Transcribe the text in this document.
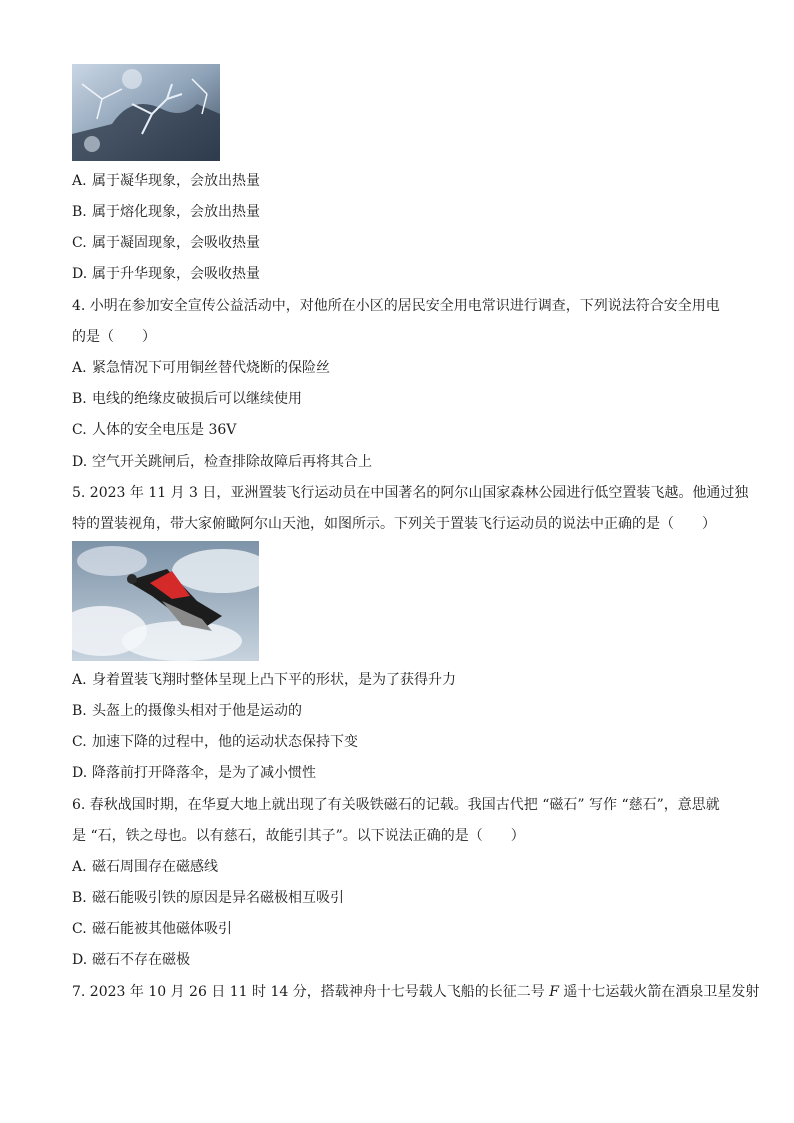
A. 属于凝华现象，会放出热量
B. 属于熔化现象，会放出热量
C. 属于凝固现象，会吸收热量
D. 属于升华现象，会吸收热量
4. 小明在参加安全宣传公益活动中，对他所在小区的居民安全用电常识进行调查，下列说法符合安全用电
的是（　　）
A. 紧急情况下可用铜丝替代烧断的保险丝
B. 电线的绝缘皮破损后可以继续使用
C. 人体的安全电压是 36V
D. 空气开关跳闸后，检查排除故障后再将其合上
5. 2023 年 11 月 3 日，亚洲置装飞行运动员在中国著名的阿尔山国家森林公园进行低空置装飞越。他通过独
特的置装视角，带大家俯瞰阿尔山天池，如图所示。下列关于置装飞行运动员的说法中正确的是（　　）
A. 身着置装飞翔时整体呈现上凸下平的形状，是为了获得升力
B. 头盔上的摄像头相对于他是运动的
C. 加速下降的过程中，他的运动状态保持下变
D. 降落前打开降落伞，是为了减小惯性
6. 春秋战国时期，在华夏大地上就出现了有关吸铁磁石的记载。我国古代把 “磁石” 写作 “慈石”，意思就
是 “石，铁之母也。以有慈石，故能引其子”。以下说法正确的是（　　）
A. 磁石周围存在磁感线
B. 磁石能吸引铁的原因是异名磁极相互吸引
C. 磁石能被其他磁体吸引
D. 磁石不存在磁极
7. 2023 年 10 月 26 日 11 时 14 分，搭载神舟十七号载人飞船的长征二号 F 遥十七运载火箭在酒泉卫星发射
